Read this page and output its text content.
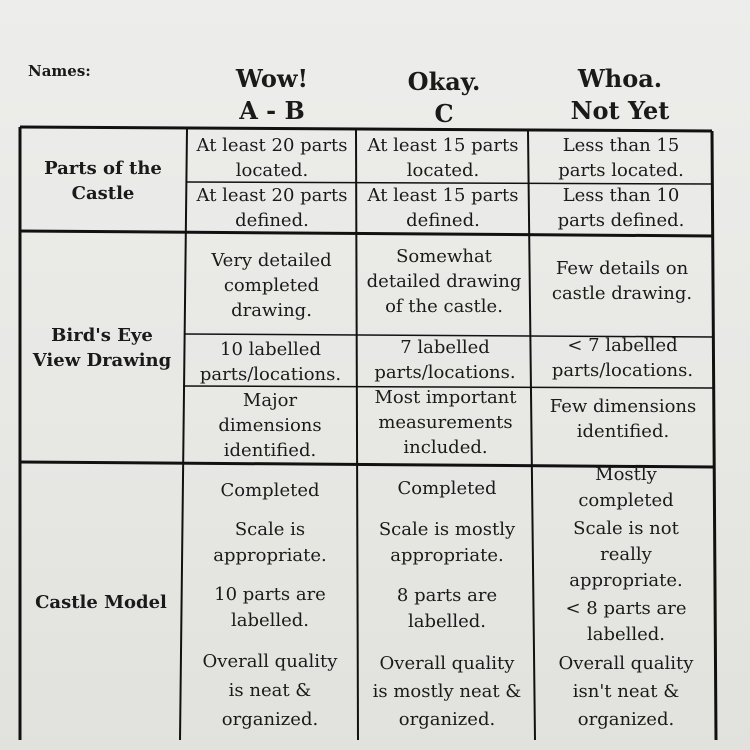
Names:	Wow!
A - B
Okay.
C
Whoa.
Not Yet
Parts of the
Castle
Bird's Eye
View Drawing
Castle Model
At least 20 parts
located.
At least 15 parts
located.
Less than 15
parts located.
At least 20 parts
defined.
At least 15 parts
defined.
Less than 10
parts defined.
Very detailed
completed
drawing.
Somewhat
detailed drawing
of the castle.
Few details on
castle drawing.
10 labelled
parts/locations.
7 labelled
parts/locations.
< 7 labelled
parts/locations.
Major
dimensions
identified.
Most important
measurements
included.
Few dimensions
identified.
Completed
Scale is
appropriate.
10 parts are
labelled.
Overall quality
is neat &
organized.
Completed
Scale is mostly
appropriate.
8 parts are
labelled.
Overall quality
is mostly neat &
organized.
Mostly
completed
Scale is not
really
appropriate.
< 8 parts are
labelled.
Overall quality
isn't neat &
organized.
